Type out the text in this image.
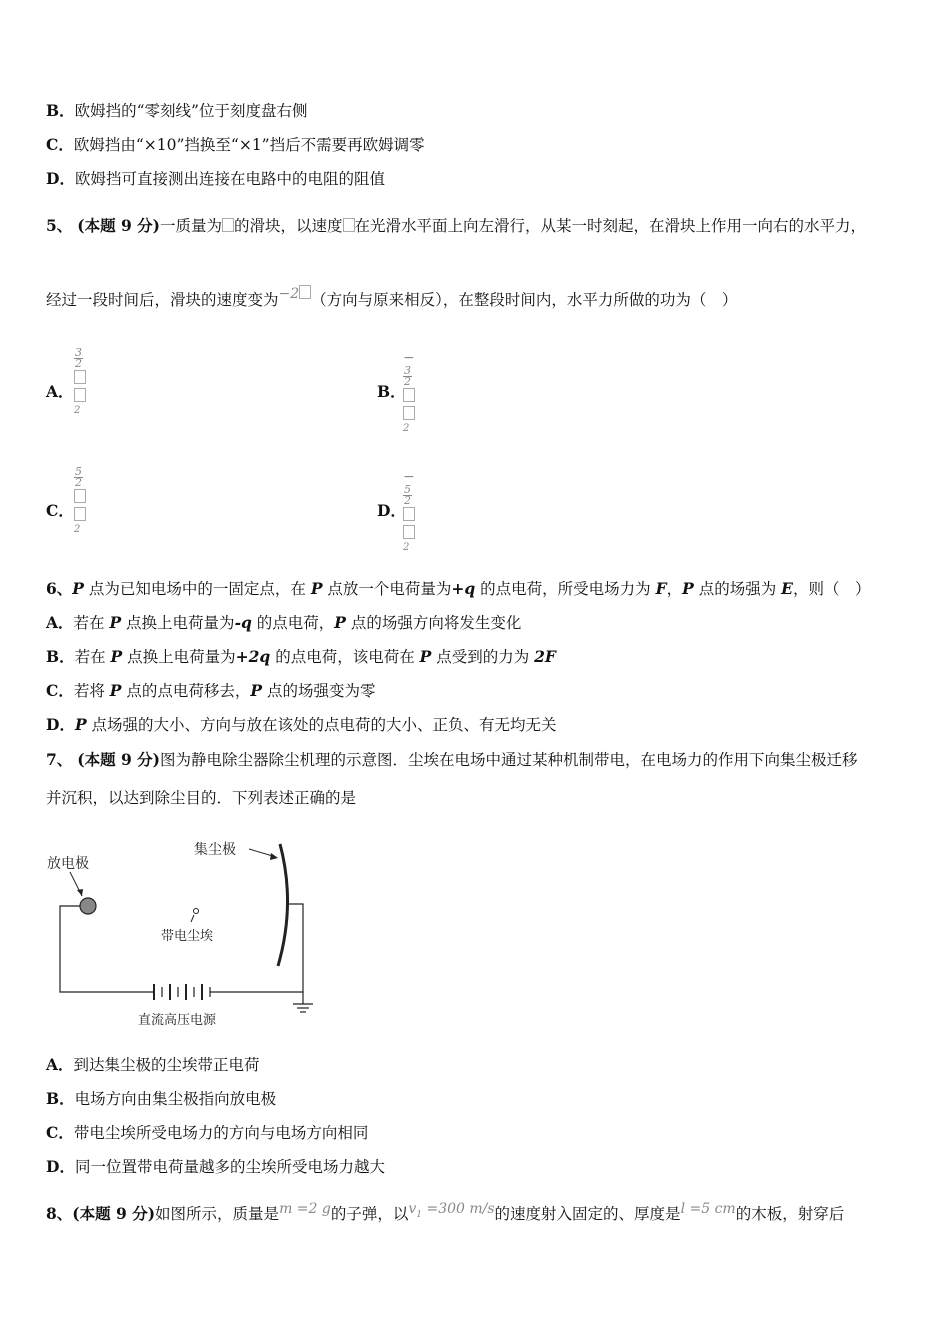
B．欧姆挡的“零刻线”位于刻度盘右侧
C．欧姆挡由“×10”挡换至“×1”挡后不需要再欧姆调零
D．欧姆挡可直接测出连接在电路中的电阻的阻值
5、 (本题 9 分)一质量为 的滑块，以速度 在光滑水平面上向左滑行，从某一时刻起，在滑块上作用一向右的水平力，
经过一段时间后，滑块的速度变为−2 （方向与原来相反），在整段时间内，水平力所做的功为（　）
$\frac{3}{2}$
$^2$
A．
−
$\frac{3}{2}$
$^2$
B．
$\frac{5}{2}$
$^2$
C．
−
$\frac{5}{2}$
$^2$
D．
6、P 点为已知电场中的一固定点，在 P 点放一个电荷量为+q 的点电荷，所受电场力为 F，P 点的场强为 E，则（　）
A．若在 P 点换上电荷量为-q 的点电荷，P 点的场强方向将发生变化
B．若在 P 点换上电荷量为+2q 的点电荷，该电荷在 P 点受到的力为 2F
C．若将 P 点的点电荷移去，P 点的场强变为零
D．P 点场强的大小、方向与放在该处的点电荷的大小、正负、有无均无关
7、 (本题 9 分)图为静电除尘器除尘机理的示意图．尘埃在电场中通过某种机制带电，在电场力的作用下向集尘极迁移
并沉积，以达到除尘目的．下列表述正确的是
放电极
集尘极
带电尘埃
直流高压电源
A．到达集尘极的尘埃带正电荷
B．电场方向由集尘极指向放电极
C．带电尘埃所受电场力的方向与电场方向相同
D．同一位置带电荷量越多的尘埃所受电场力越大
8、(本题 9 分)如图所示，质量是m =2 g的子弹，以$v_1 =300$ m/s的速度射入固定的、厚度是l =5 cm的木板，射穿后
